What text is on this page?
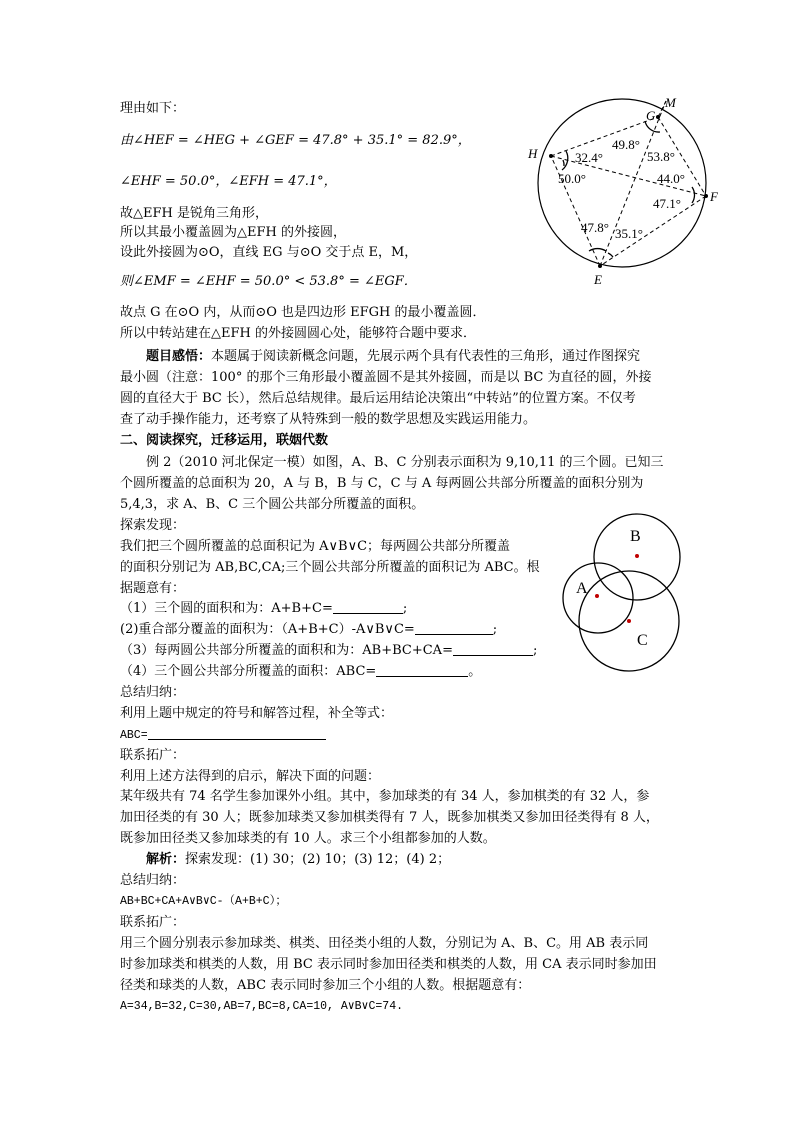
理由如下：
由∠HEF = ∠HEG + ∠GEF = 47.8° + 35.1° = 82.9°，
∠EHF = 50.0°，∠EFH = 47.1°，
故△EFH 是锐角三角形，
所以其最小覆盖圆为△EFH 的外接圆，
设此外接圆为⊙O，直线 EG 与⊙O 交于点 E，M，
则∠EMF = ∠EHF = 50.0° < 53.8° = ∠EGF．
故点 G 在⊙O 内，从而⊙O 也是四边形 EFGH 的最小覆盖圆．
所以中转站建在△EFH 的外接圆圆心处，能够符合题中要求．
题目感悟：本题属于阅读新概念问题，先展示两个具有代表性的三角形，通过作图探究
最小圆（注意：100° 的那个三角形最小覆盖圆不是其外接圆，而是以 BC 为直径的圆，外接
圆的直径大于 BC 长），然后总结规律。最后运用结论决策出“中转站”的位置方案。不仅考
查了动手操作能力，还考察了从特殊到一般的数学思想及实践运用能力。
二、阅读探究，迁移运用，联姻代数
例 2（2010 河北保定一模）如图，A、B、C 分别表示面积为 9,10,11 的三个圆。已知三
个圆所覆盖的总面积为 20，A 与 B，B 与 C，C 与 A 每两圆公共部分所覆盖的面积分别为
5,4,3，求 A、B、C 三个圆公共部分所覆盖的面积。
探索发现：
我们把三个圆所覆盖的总面积记为 A∨B∨C；每两圆公共部分所覆盖
的面积分别记为 AB,BC,CA;三个圆公共部分所覆盖的面积记为 ABC。根
据题意有：
（1）三个圆的面积和为：A+B+C=	;
(2)重合部分覆盖的面积为：（A+B+C）-A∨B∨C=	;
（3）每两圆公共部分所覆盖的面积和为：AB+BC+CA=	;
（4）三个圆公共部分所覆盖的面积：ABC=	。
总结归纳：
利用上题中规定的符号和解答过程，补全等式：
ABC=
联系拓广：
利用上述方法得到的启示，解决下面的问题：
某年级共有 74 名学生参加课外小组。其中，参加球类的有 34 人，参加棋类的有 32 人，参
加田径类的有 30 人；既参加球类又参加棋类得有 7 人，既参加棋类又参加田径类得有 8 人，
既参加田径类又参加球类的有 10 人。求三个小组都参加的人数。
解析：探索发现：(1) 30；(2) 10；(3) 12；(4) 2；
总结归纳：
AB+BC+CA+A∨B∨C-（A+B+C）；
联系拓广：
用三个圆分别表示参加球类、棋类、田径类小组的人数，分别记为 A、B、C。用 AB 表示同
时参加球类和棋类的人数，用 BC 表示同时参加田径类和棋类的人数，用 CA 表示同时参加田
径类和球类的人数，ABC 表示同时参加三个小组的人数。根据题意有：
A=34,B=32,C=30,AB=7,BC=8,CA=10, A∨B∨C=74.
M
G
H
F
E
49.8°
32.4°	53.8°
50.0°	44.0°
47.1°
47.8° 35.1°
A
B
C
